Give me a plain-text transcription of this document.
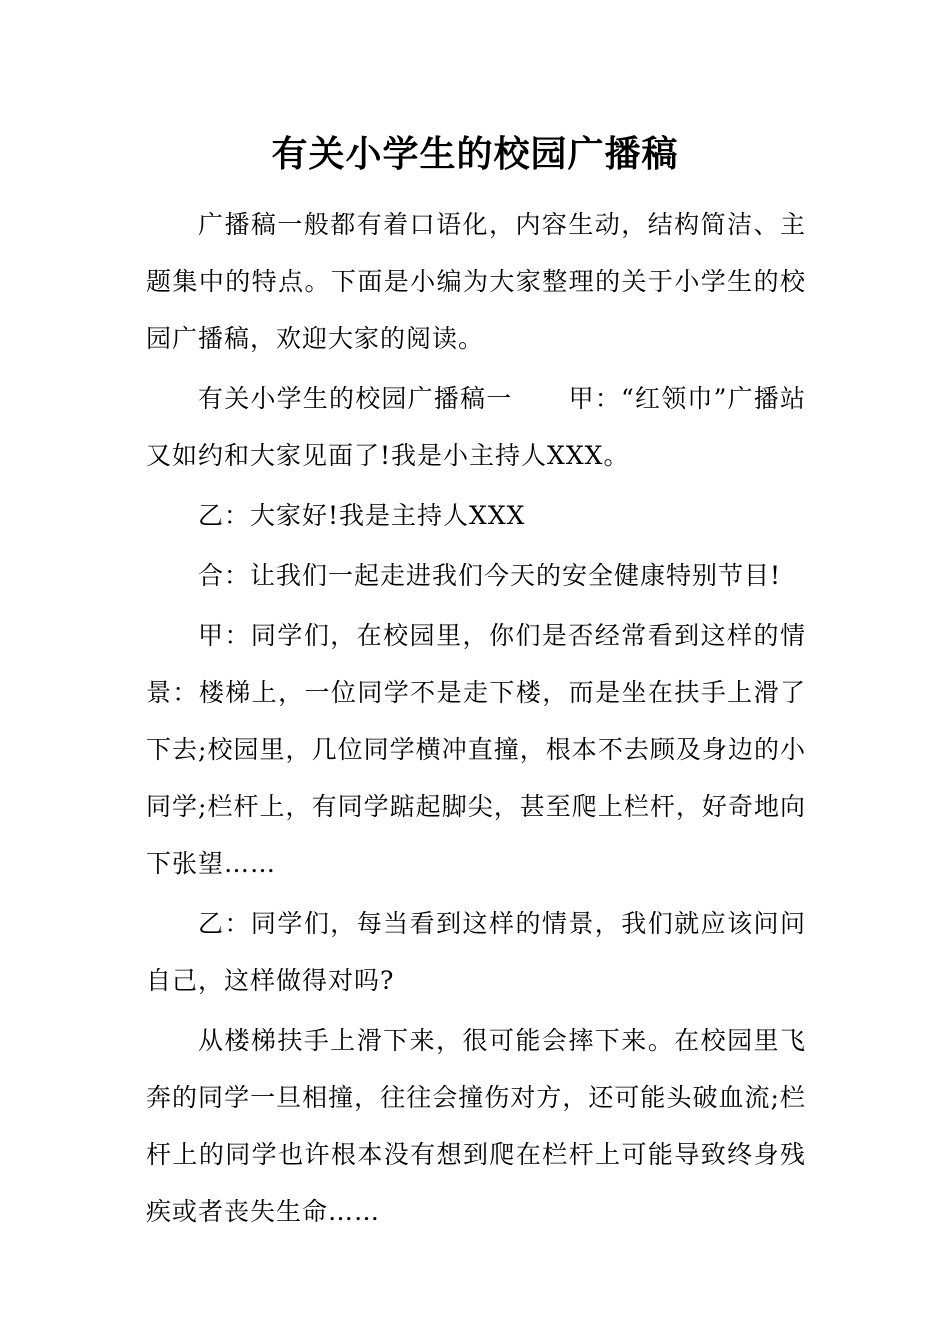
有关小学生的校园广播稿

广播稿一般都有着口语化，内容生动，结构简洁、主题集中的特点。下面是小编为大家整理的关于小学生的校园广播稿，欢迎大家的阅读。

有关小学生的校园广播稿一 甲：“红领巾”广播站又如约和大家见面了!我是小主持人XXX。

乙：大家好!我是主持人XXX

合：让我们一起走进我们今天的安全健康特别节目!

甲：同学们，在校园里，你们是否经常看到这样的情景：楼梯上，一位同学不是走下楼，而是坐在扶手上滑了下去;校园里，几位同学横冲直撞，根本不去顾及身边的小同学;栏杆上，有同学踮起脚尖，甚至爬上栏杆，好奇地向下张望……

乙：同学们，每当看到这样的情景，我们就应该问问自己，这样做得对吗?

从楼梯扶手上滑下来，很可能会摔下来。在校园里飞奔的同学一旦相撞，往往会撞伤对方，还可能头破血流;栏杆上的同学也许根本没有想到爬在栏杆上可能导致终身残疾或者丧失生命……
